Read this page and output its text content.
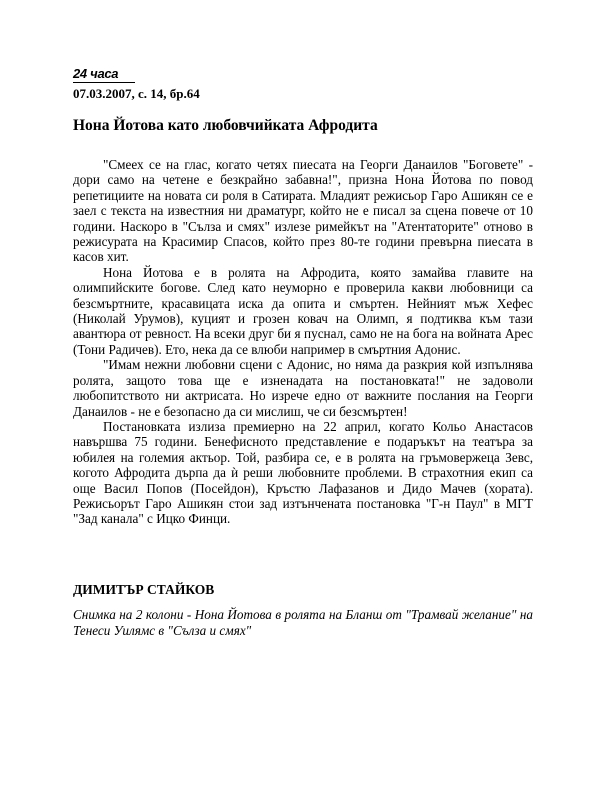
24 часа
07.03.2007, с. 14, бр.64
Нона Йотова като любовчийката Афродита

"Смеех се на глас, когато четях пиесата на Георги Данаилов "Боговете" - дори само на четене е безкрайно забавна!", призна Нона Йотова по повод репетициите на новата си роля в Сатирата. Младият режисьор Гаро Ашикян се е заел с текста на известния ни драматург, който не е писал за сцена повече от 10 години. Наскоро в "Сълза и смях" излезе римейкът на "Атентаторите" отново в режисурата на Красимир Спасов, който през 80-те години превърна пиесата в касов хит.

Нона Йотова е в ролята на Афродита, която замайва главите на олимпийските богове. След като неуморно е проверила какви любовници са безсмъртните, красавицата иска да опита и смъртен. Нейният мъж Хефес (Николай Урумов), куцият и грозен ковач на Олимп, я подтиква към тази авантюра от ревност. На всеки друг би я пуснал, само не на бога на войната Арес (Тони Радичев). Ето, нека да се влюби например в смъртния Адонис.

"Имам нежни любовни сцени с Адонис, но няма да разкрия кой изпълнява ролята, защото това ще е изненадата на постановката!" не задоволи любопитството ни актрисата. Но изрече едно от важните послания на Георги Данаилов - не е безопасно да си мислиш, че си безсмъртен!

Постановката излиза премиерно на 22 април, когато Кольо Анастасов навършва 75 години. Бенефисното представление е подаръкът на театъра за юбилея на големия актьор. Той, разбира се, е в ролята на гръмовержеца Зевс, когото Афродита дърпа да ѝ реши любовните проблеми. В страхотния екип са още Васил Попов (Посейдон), Кръстю Лафазанов и Дидо Мачев (хората). Режисьорът Гаро Ашикян стои зад изтънчената постановка "Г-н Паул" в МГТ "Зад канала" с Ицко Финци.

ДИМИТЪР СТАЙКОВ
Снимка на 2 колони - Нона Йотова в ролята на Бланш от "Трамвай желание" на Тенеси Уилямс в "Сълза и смях"
